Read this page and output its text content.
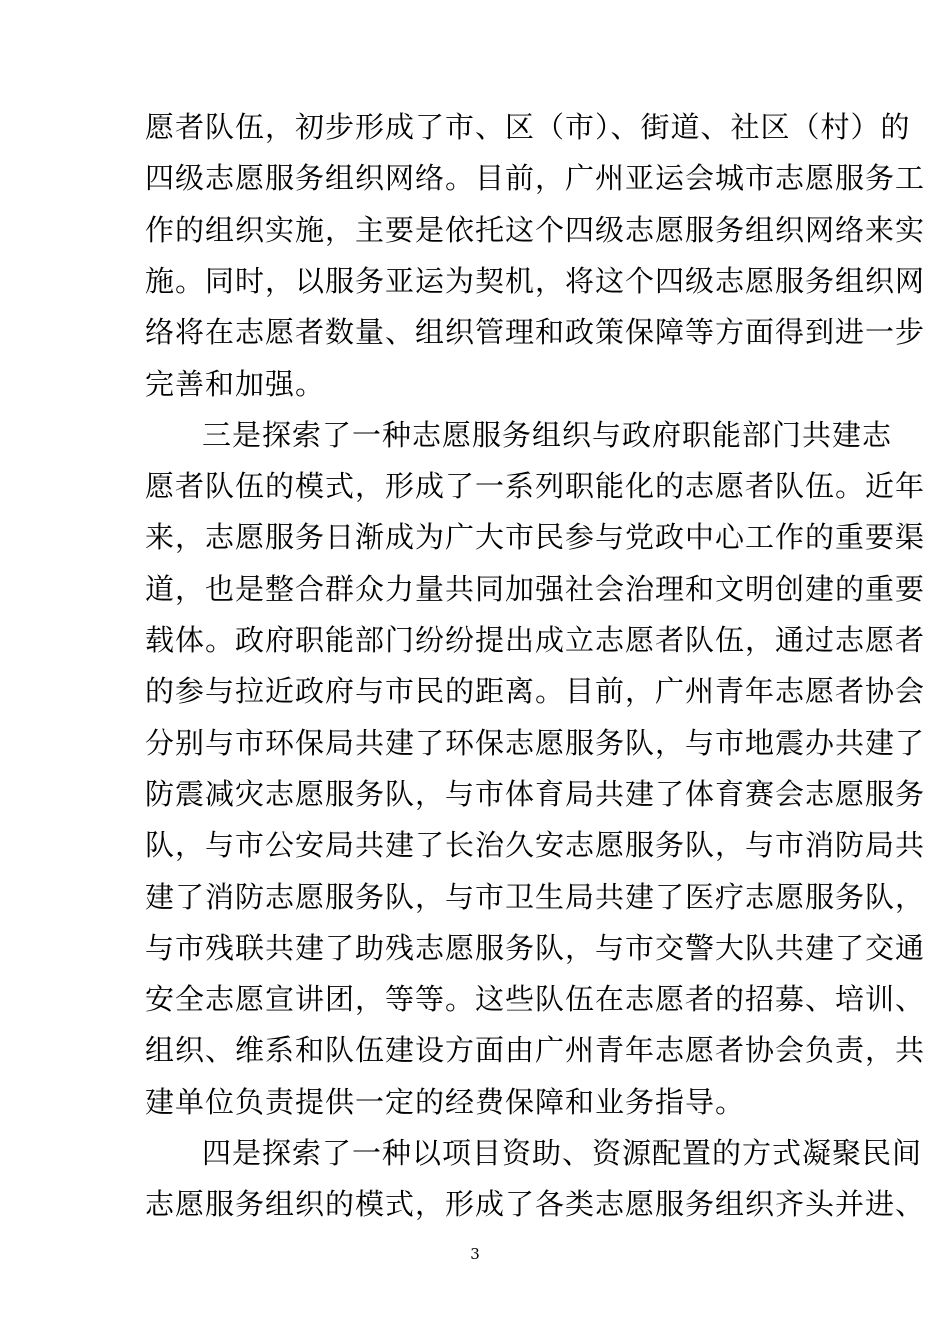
愿者队伍，初步形成了市、区（市）、街道、社区（村）的
四级志愿服务组织网络。目前，广州亚运会城市志愿服务工
作的组织实施，主要是依托这个四级志愿服务组织网络来实
施。同时，以服务亚运为契机，将这个四级志愿服务组织网
络将在志愿者数量、组织管理和政策保障等方面得到进一步
完善和加强。
三是探索了一种志愿服务组织与政府职能部门共建志
愿者队伍的模式，形成了一系列职能化的志愿者队伍。近年
来，志愿服务日渐成为广大市民参与党政中心工作的重要渠
道，也是整合群众力量共同加强社会治理和文明创建的重要
载体。政府职能部门纷纷提出成立志愿者队伍，通过志愿者
的参与拉近政府与市民的距离。目前，广州青年志愿者协会
分别与市环保局共建了环保志愿服务队，与市地震办共建了
防震减灾志愿服务队，与市体育局共建了体育赛会志愿服务
队，与市公安局共建了长治久安志愿服务队，与市消防局共
建了消防志愿服务队，与市卫生局共建了医疗志愿服务队，
与市残联共建了助残志愿服务队，与市交警大队共建了交通
安全志愿宣讲团，等等。这些队伍在志愿者的招募、培训、
组织、维系和队伍建设方面由广州青年志愿者协会负责，共
建单位负责提供一定的经费保障和业务指导。
四是探索了一种以项目资助、资源配置的方式凝聚民间
志愿服务组织的模式，形成了各类志愿服务组织齐头并进、
3
